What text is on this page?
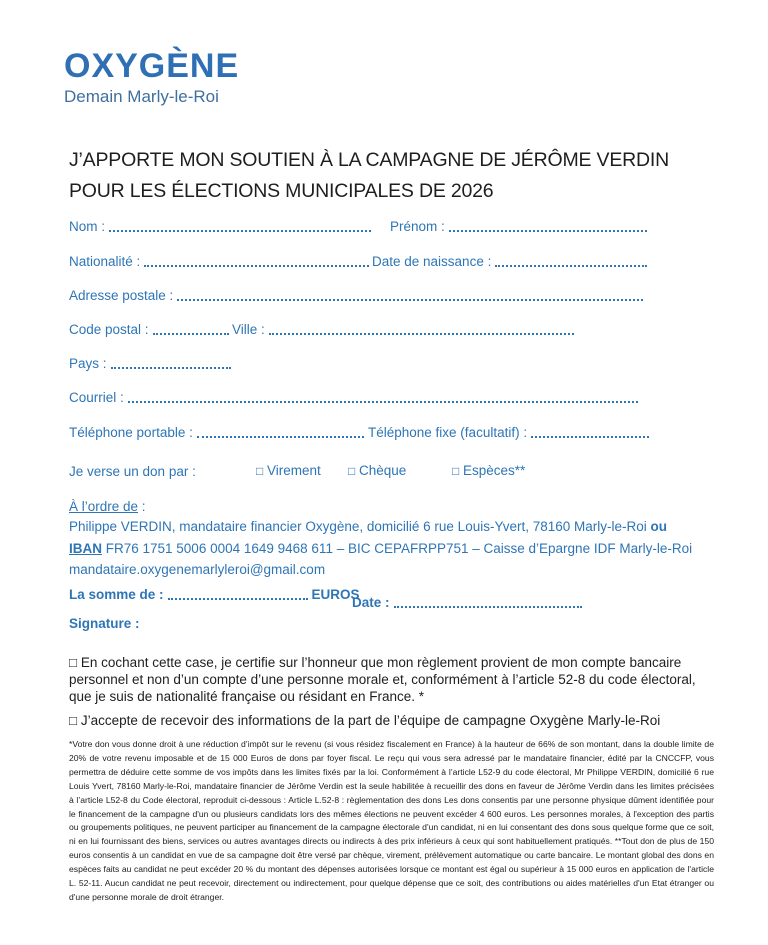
OXYGÈNE
Demain Marly-le-Roi
J’APPORTE MON SOUTIEN À LA CAMPAGNE DE JÉRÔME VERDIN
POUR LES ÉLECTIONS MUNICIPALES DE 2026
Nom :	Prénom :
Nationalité :	Date de naissance :
Adresse postale :
Code postal :	Ville :
Pays :
Courriel :
Téléphone portable :	Téléphone fixe (facultatif) :
Je verse un don par :	□ Virement □ Chèque	□ Espèces**
À l’ordre de :
Philippe VERDIN, mandataire financier Oxygène, domicilié 6 rue Louis-Yvert, 78160 Marly-le-Roi ou
IBAN FR76 1751 5006 0004 1649 9468 611 – BIC CEPAFRPP751 – Caisse d’Epargne IDF Marly-le-Roi
mandataire.oxygenemarlyleroi@gmail.com
La somme de :	EUROS
Date :
Signature :
□ En cochant cette case, je certifie sur l’honneur que mon règlement provient de mon compte bancaire personnel et non d’un compte d’une personne morale et, conformément à l’article 52-8 du code électoral, que je suis de nationalité française ou résidant en France. *
□ J’accepte de recevoir des informations de la part de l’équipe de campagne Oxygène Marly-le-Roi
*Votre don vous donne droit à une réduction d’impôt sur le revenu (si vous résidez fiscalement en France) à la hauteur de 66% de son montant, dans la double limite de 20% de votre revenu imposable et de 15 000 Euros de dons par foyer fiscal. Le reçu qui vous sera adressé par le mandataire financier, édité par la CNCCFP, vous permettra de déduire cette somme de vos impôts dans les limites fixés par la loi. Conformément à l’article L52-9 du code électoral, Mr Philippe VERDIN, domicilié 6 rue Louis Yvert, 78160 Marly-le-Roi, mandataire financier de Jérôme Verdin est la seule habilitée à recueillir des dons en faveur de Jérôme Verdin dans les limites précisées à l’article L52-8 du Code électoral, reproduit ci-dessous : Article L.52-8 : règlementation des dons Les dons consentis par une personne physique dûment identifiée pour le financement de la campagne d'un ou plusieurs candidats lors des mêmes élections ne peuvent excéder 4 600 euros. Les personnes morales, à l'exception des partis ou groupements politiques, ne peuvent participer au financement de la campagne électorale d'un candidat, ni en lui consentant des dons sous quelque forme que ce soit, ni en lui fournissant des biens, services ou autres avantages directs ou indirects à des prix inférieurs à ceux qui sont habituellement pratiqués. **Tout don de plus de 150 euros consentis à un candidat en vue de sa campagne doit être versé par chèque, virement, prélèvement automatique ou carte bancaire. Le montant global des dons en espèces faits au candidat ne peut excéder 20 % du montant des dépenses autorisées lorsque ce montant est égal ou supérieur à 15 000 euros en application de l'article L. 52-11. Aucun candidat ne peut recevoir, directement ou indirectement, pour quelque dépense que ce soit, des contributions ou aides matérielles d'un Etat étranger ou d'une personne morale de droit étranger.
